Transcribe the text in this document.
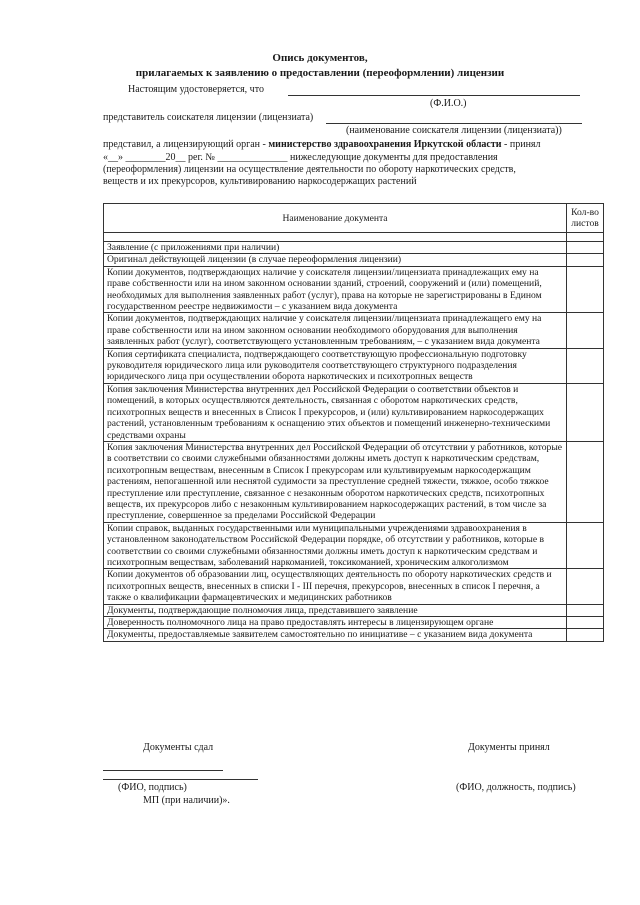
Опись документов,
прилагаемых к заявлению о предоставлении (переоформлении) лицензии
Настоящим удостоверяется, что
(Ф.И.О.)
представитель соискателя лицензии (лицензиата)
(наименование соискателя лицензии (лицензиата))
представил, а лицензирующий орган - министерство здравоохранения Иркутской области - принял
«__» ________20__ рег. № ______________ нижеследующие документы для предоставления
(переоформления) лицензии на осуществление деятельности по обороту наркотических средств,
веществ и их прекурсоров, культивированию наркосодержащих растений
Наименование документа	Кол-во листов

Заявление (с приложениями при наличии)	
Оригинал действующей лицензии (в случае переоформления лицензии)	
Копии документов, подтверждающих наличие у соискателя лицензии/лицензиата принадлежащих ему на праве собственности или на ином законном основании зданий, строений, сооружений и (или) помещений, необходимых для выполнения заявленных работ (услуг), права на которые не зарегистрированы в Едином государственном реестре недвижимости – с указанием вида документа	
Копии документов, подтверждающих наличие у соискателя лицензии/лицензиата принадлежащего ему на праве собственности или на ином законном основании необходимого оборудования для выполнения заявленных работ (услуг), соответствующего установленным требованиям, – с указанием вида документа	
Копия сертификата специалиста, подтверждающего соответствующую профессиональную подготовку руководителя юридического лица или руководителя соответствующего структурного подразделения юридического лица при осуществлении оборота наркотических и психотропных веществ	
Копия заключения Министерства внутренних дел Российской Федерации о соответствии объектов и помещений, в которых осуществляются деятельность, связанная с оборотом наркотических средств, психотропных веществ и внесенных в Список I прекурсоров, и (или) культивированием наркосодержащих растений, установленным требованиям к оснащению этих объектов и помещений инженерно-техническими средствами охраны	
Копия заключения Министерства внутренних дел Российской Федерации об отсутствии у работников, которые в соответствии со своими служебными обязанностями должны иметь доступ к наркотическим средствам, психотропным веществам, внесенным в Список I прекурсорам или культивируемым наркосодержащим растениям, непогашенной или неснятой судимости за преступление средней тяжести, тяжкое, особо тяжкое преступление или преступление, связанное с незаконным оборотом наркотических средств, психотропных веществ, их прекурсоров либо с незаконным культивированием наркосодержащих растений, в том числе за преступление, совершенное за пределами Российской Федерации	
Копии справок, выданных государственными или муниципальными учреждениями здравоохранения в установленном законодательством Российской Федерации порядке, об отсутствии у работников, которые в соответствии со своими служебными обязанностями должны иметь доступ к наркотическим средствам и психотропным веществам, заболеваний наркоманией, токсикоманией, хроническим алкоголизмом	
Копии документов об образовании лиц, осуществляющих деятельность по обороту наркотических средств и психотропных веществ, внесенных в списки I - III перечня, прекурсоров, внесенных в список I перечня, а также о квалификации фармацевтических и медицинских работников	
Документы, подтверждающие полномочия лица, представившего заявление	
Доверенность полномочного лица на право предоставлять интересы в лицензирующем органе	
Документы, предоставляемые заявителем самостоятельно по инициативе – с указанием вида документа	
Документы сдал	Документы принял
(ФИО, подпись)	(ФИО, должность, подпись)
МП (при наличии)».
